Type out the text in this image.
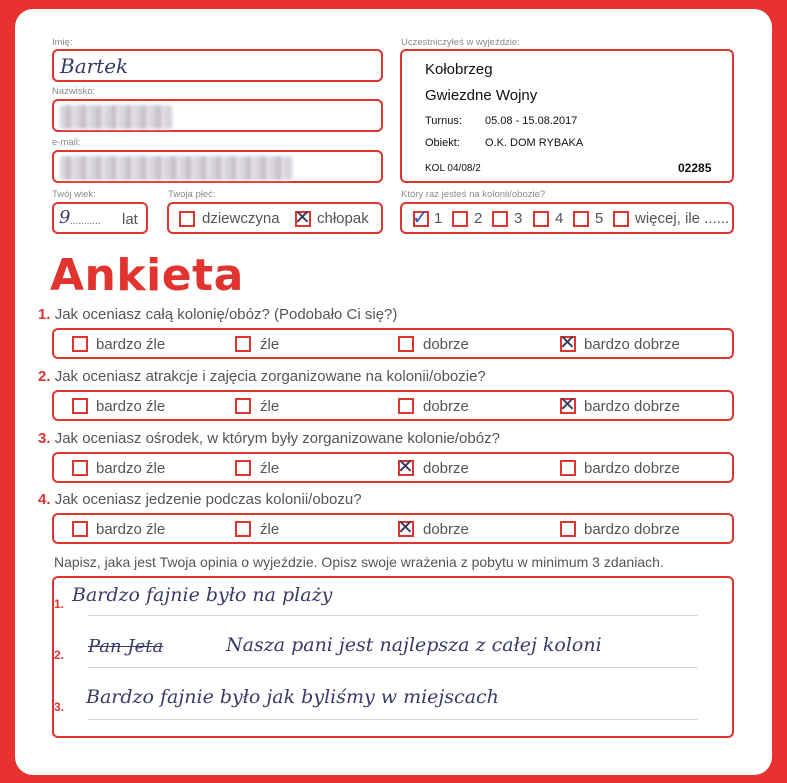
Imię:
Bartek
Nazwisko:
e-mail:
Twój wiek:
9 ........... lat
Twoja płeć:
dziewczyna ✕ chłopak
Uczestniczyłeś w wyjeździe:
Kołobrzeg
Gwiezdne Wojny
Turnus: 05.08 - 15.08.2017
Obiekt: O.K. DOM RYBAKA
KOL 04/08/2	02285
Który raz jesteś na kolonii/obozie?
✓ 1 2 3 4 5 więcej, ile ......
Ankieta
1. Jak oceniasz całą kolonię/obóz? (Podobało Ci się?)
bardzo źle	źle	dobrze	✕ bardzo dobrze
2. Jak oceniasz atrakcje i zajęcia zorganizowane na kolonii/obozie?
bardzo źle	źle	dobrze	✕ bardzo dobrze
3. Jak oceniasz ośrodek, w którym były zorganizowane kolonie/obóz?
bardzo źle	źle	✕ dobrze	bardzo dobrze
4. Jak oceniasz jedzenie podczas kolonii/obozu?
bardzo źle	źle	✕ dobrze	bardzo dobrze
Napisz, jaka jest Twoja opinia o wyjeździe. Opisz swoje wrażenia z pobytu w minimum 3 zdaniach.
1. Bardzo fajnie było na plaży
2. Pan Jeta	Nasza pani jest najlepsza z całej koloni
3. Bardzo fajnie było jak byliśmy w miejscach
